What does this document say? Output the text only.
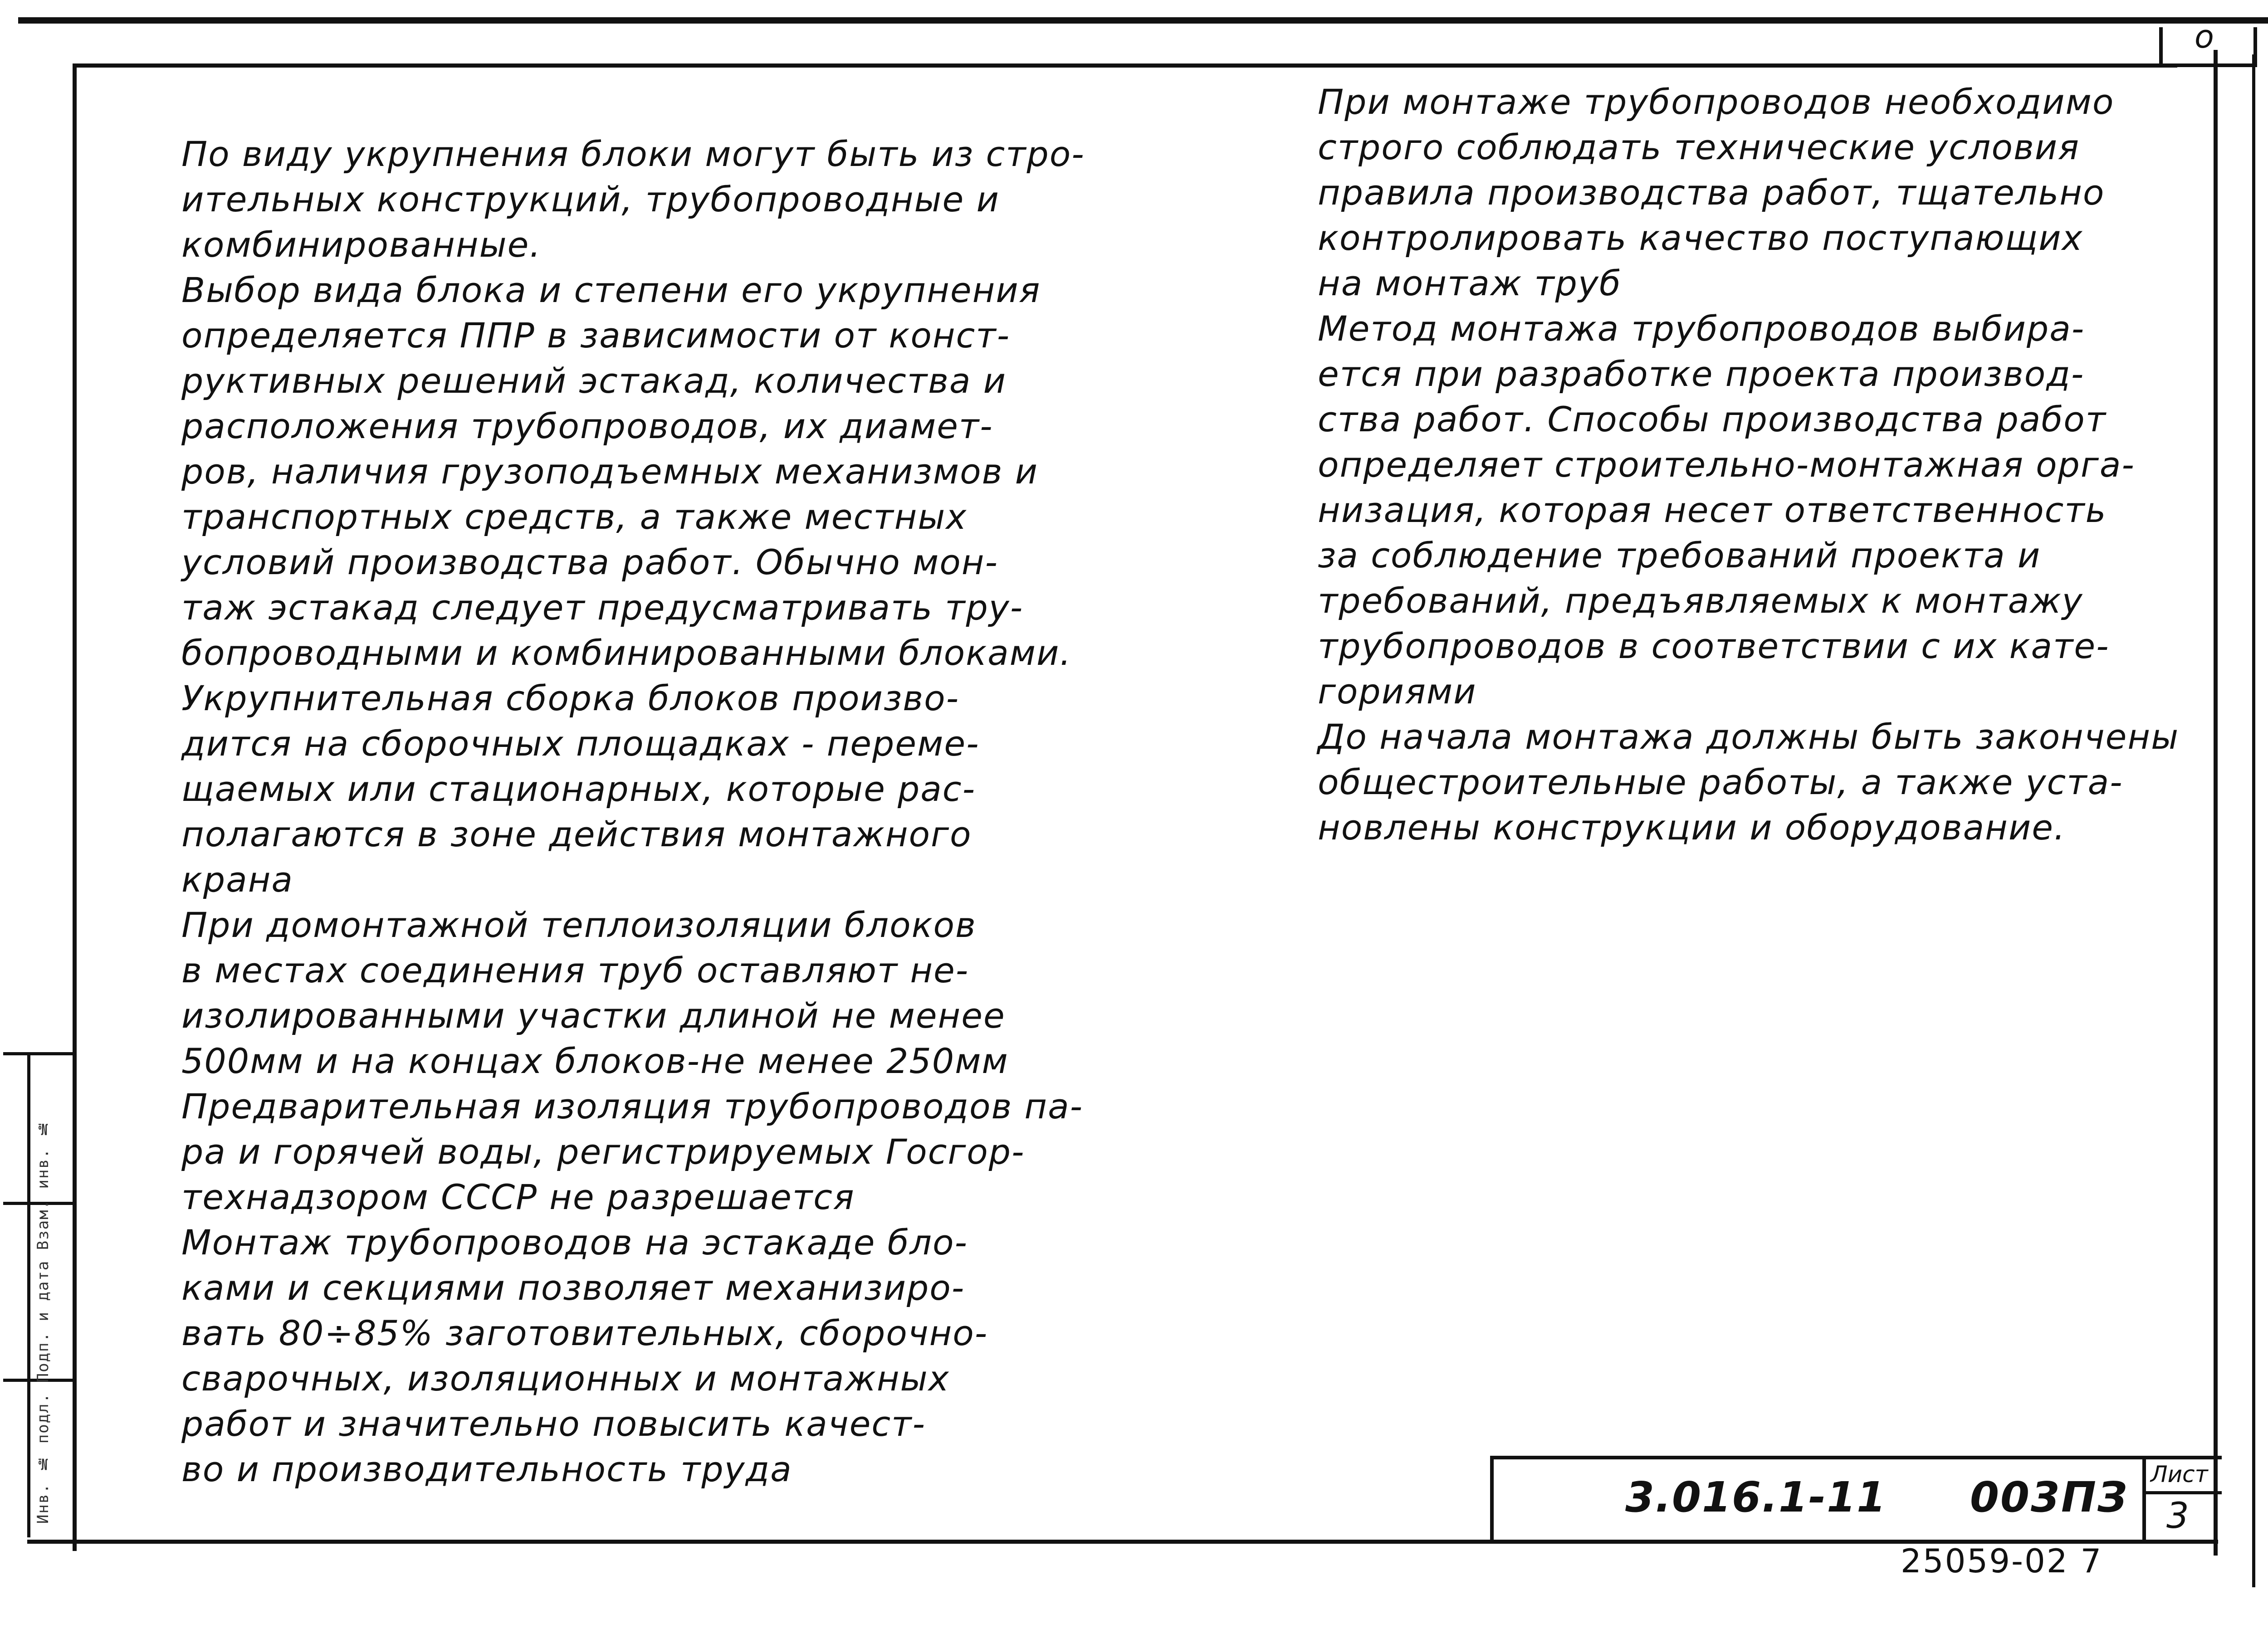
о
Инв. № подл. Подп. и дата Взам. инв. №
По виду укрупнения блоки могут быть из стро-
ительных конструкций, трубопроводные и
комбинированные.
Выбор вида блока и степени его укрупнения
определяется ППР в зависимости от конст-
руктивных решений эстакад, количества и
расположения трубопроводов, их диамет-
ров, наличия грузоподъемных механизмов и
транспортных средств, а также местных
условий производства работ. Обычно мон-
таж эстакад следует предусматривать тру-
бопроводными и комбинированными блоками.
Укрупнительная сборка блоков произво-
дится на сборочных площадках - переме-
щаемых или стационарных, которые рас-
полагаются в зоне действия монтажного
крана
При домонтажной теплоизоляции блоков
в местах соединения труб оставляют не-
изолированными участки длиной не менее
500мм и на концах блоков-не менее 250мм
Предварительная изоляция трубопроводов па-
ра и горячей воды, регистрируемых Госгор-
технадзором СССР не разрешается
Монтаж трубопроводов на эстакаде бло-
ками и секциями позволяет механизиро-
вать 80÷85% заготовительных, сборочно-
сварочных, изоляционных и монтажных
работ и значительно повысить качест-
во и производительность труда
При монтаже трубопроводов необходимо
строго соблюдать технические условия
правила производства работ, тщательно
контролировать качество поступающих
на монтаж труб
Метод монтажа трубопроводов выбира-
ется при разработке проекта производ-
ства работ. Способы производства работ
определяет строительно-монтажная орга-
низация, которая несет ответственность
за соблюдение требований проекта и
требований, предъявляемых к монтажу
трубопроводов в соответствии с их кате-
гориями
До начала монтажа должны быть закончены
общестроительные работы, а также уста-
новлены конструкции и оборудование.
3.016.1-11 003ПЗ Лист
3
25059-02 7
